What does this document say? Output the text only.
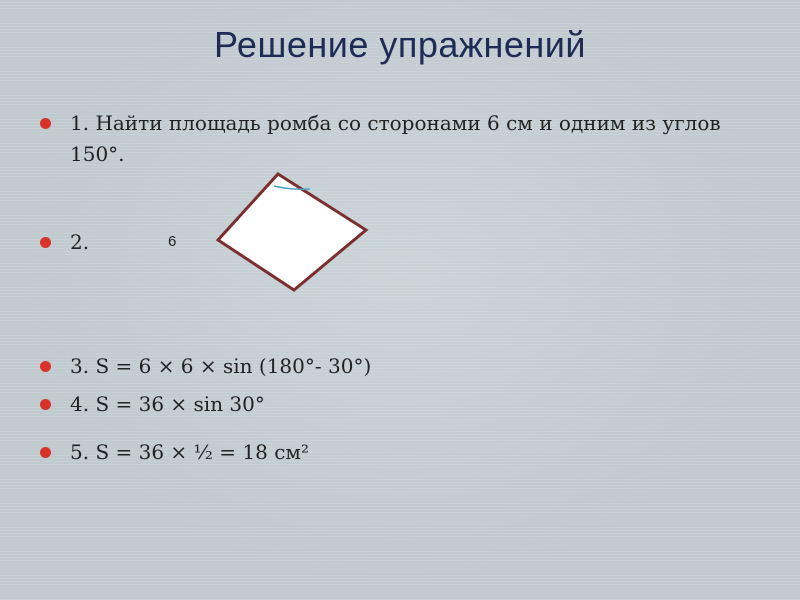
Решение упражнений
1. Найти площадь ромба со сторонами 6 см и одним из углов 150°.
2.	6
3. S = 6 × 6 × sin (180°- 30°)
4. S = 36 × sin 30°
5. S = 36 × ½ = 18 см²
